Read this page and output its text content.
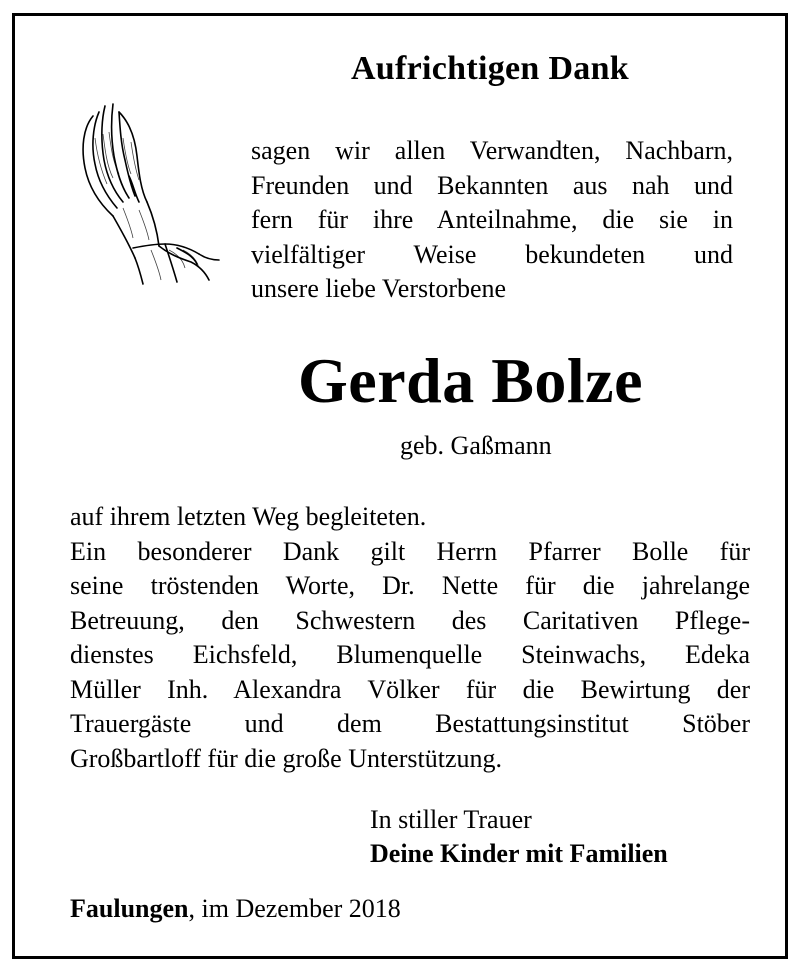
Aufrichtigen Dank
sagen wir allen Verwandten, Nachbarn,
Freunden und Bekannten aus nah und
fern für ihre Anteilnahme, die sie in
vielfältiger Weise bekundeten und
unsere liebe Verstorbene
Gerda Bolze
geb. Gaßmann
auf ihrem letzten Weg begleiteten.
Ein besonderer Dank gilt Herrn Pfarrer Bolle für
seine tröstenden Worte, Dr. Nette für die jahrelange
Betreuung, den Schwestern des Caritativen Pflege-
dienstes Eichsfeld, Blumenquelle Steinwachs, Edeka
Müller Inh. Alexandra Völker für die Bewirtung der
Trauergäste und dem Bestattungsinstitut Stöber
Großbartloff für die große Unterstützung.
In stiller Trauer
Deine Kinder mit Familien
Faulungen, im Dezember 2018
